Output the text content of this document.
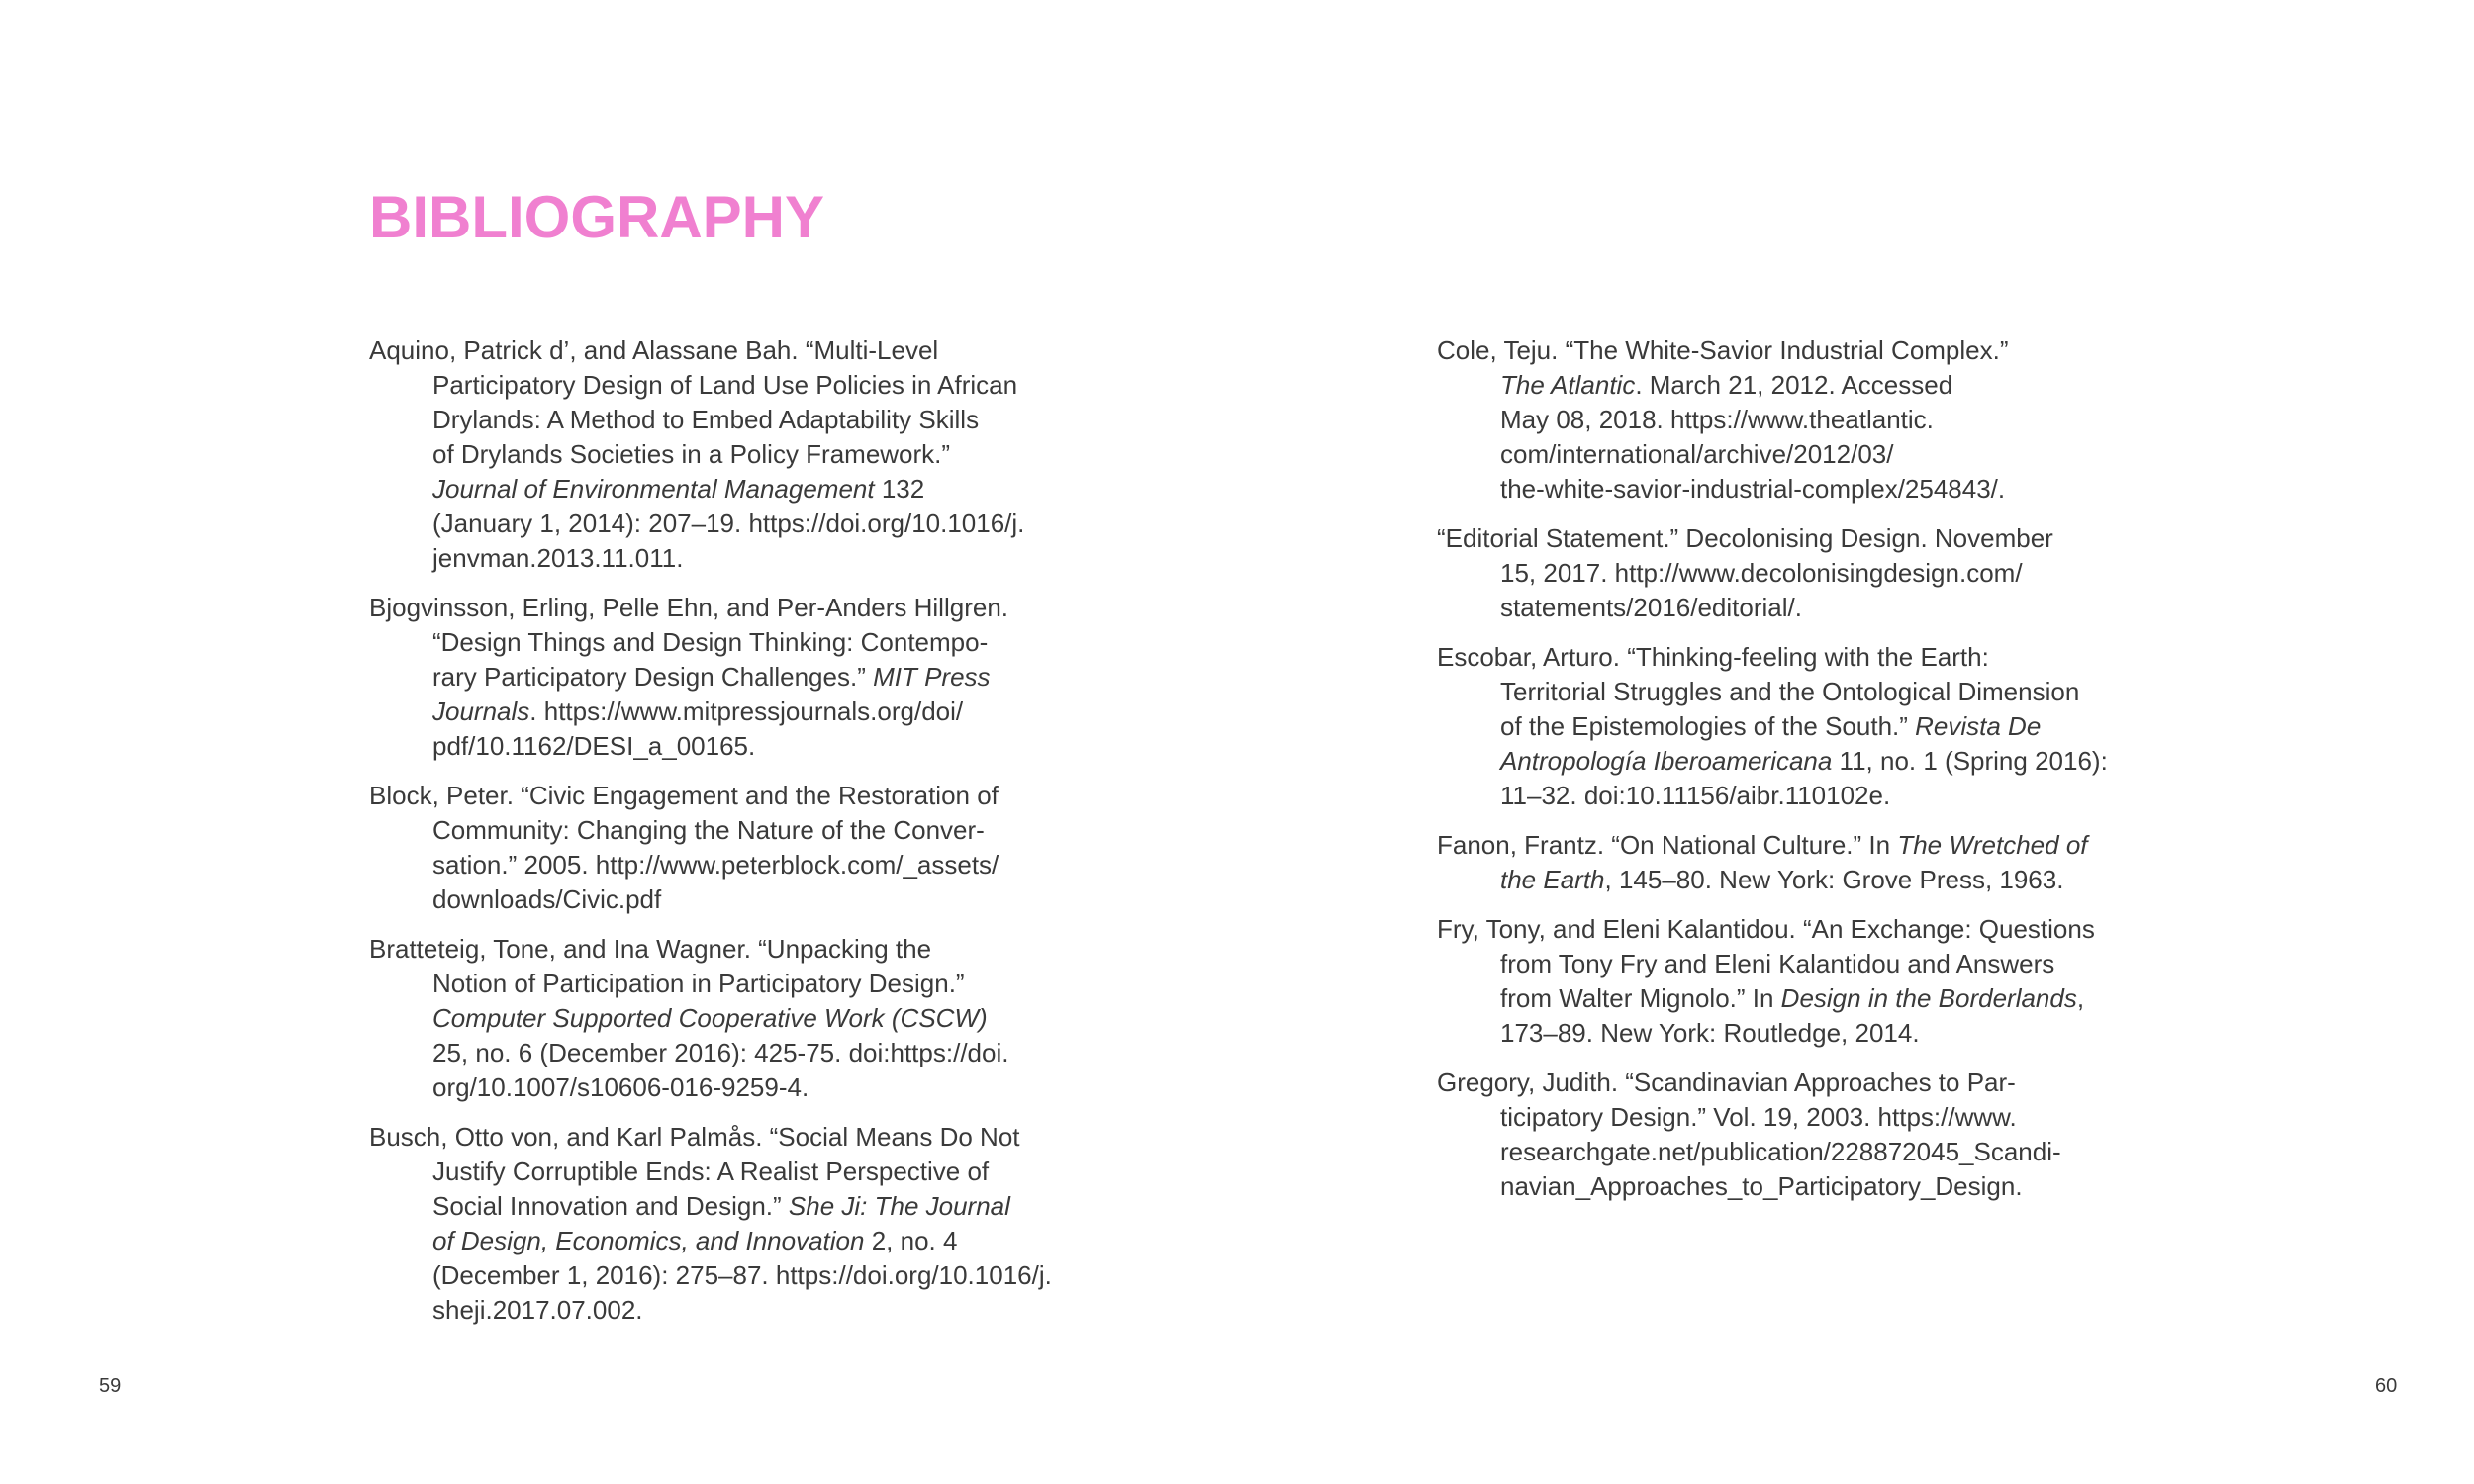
BIBLIOGRAPHY
Aquino, Patrick d’, and Alassane Bah. “Multi-Level
Participatory Design of Land Use Policies in African
Drylands: A Method to Embed Adaptability Skills
of Drylands Societies in a Policy Framework.”
Journal of Environmental Management 132
(January 1, 2014): 207–19. https://doi.org/10.1016/j.
jenvman.2013.11.011.
Bjogvinsson, Erling, Pelle Ehn, and Per-Anders Hillgren.
“Design Things and Design Thinking: Contempo-
rary Participatory Design Challenges.” MIT Press
Journals. https://www.mitpressjournals.org/doi/
pdf/10.1162/DESI_a_00165.
Block, Peter. “Civic Engagement and the Restoration of
Community: Changing the Nature of the Conver-
sation.” 2005. http://www.peterblock.com/_assets/
downloads/Civic.pdf
Bratteteig, Tone, and Ina Wagner. “Unpacking the
Notion of Participation in Participatory Design.”
Computer Supported Cooperative Work (CSCW)
25, no. 6 (December 2016): 425-75. doi:https://doi.
org/10.1007/s10606-016-9259-4.
Busch, Otto von, and Karl Palmås. “Social Means Do Not
Justify Corruptible Ends: A Realist Perspective of
Social Innovation and Design.” She Ji: The Journal
of Design, Economics, and Innovation 2, no. 4
(December 1, 2016): 275–87. https://doi.org/10.1016/j.
sheji.2017.07.002.
Cole, Teju. “The White-Savior Industrial Complex.”
The Atlantic. March 21, 2012. Accessed
May 08, 2018. https://www.theatlantic.
com/international/archive/2012/03/
the-white-savior-industrial-complex/254843/.
“Editorial Statement.” Decolonising Design. November
15, 2017. http://www.decolonisingdesign.com/
statements/2016/editorial/.
Escobar, Arturo. “Thinking-feeling with the Earth:
Territorial Struggles and the Ontological Dimension
of the Epistemologies of the South.” Revista De
Antropología Iberoamericana 11, no. 1 (Spring 2016):
11–32. doi:10.11156/aibr.110102e.
Fanon, Frantz. “On National Culture.” In The Wretched of
the Earth, 145–80. New York: Grove Press, 1963.
Fry, Tony, and Eleni Kalantidou. “An Exchange: Questions
from Tony Fry and Eleni Kalantidou and Answers
from Walter Mignolo.” In Design in the Borderlands,
173–89. New York: Routledge, 2014.
Gregory, Judith. “Scandinavian Approaches to Par-
ticipatory Design.” Vol. 19, 2003. https://www.
researchgate.net/publication/228872045_Scandi-
navian_Approaches_to_Participatory_Design.
59	60
